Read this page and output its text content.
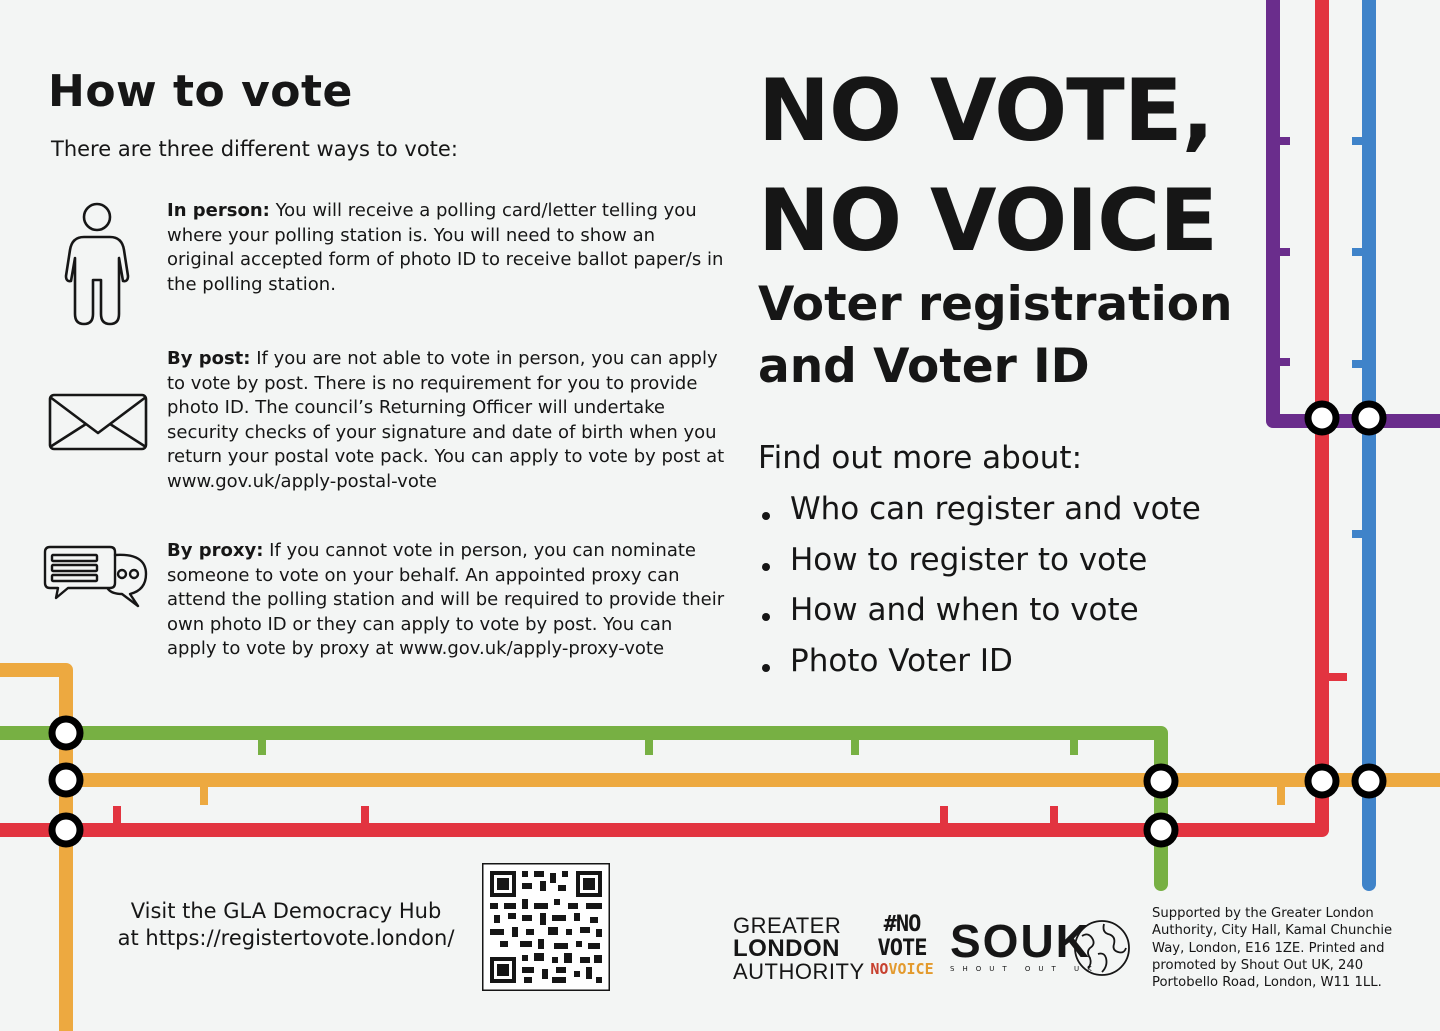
How to vote

There are three different ways to vote:

In person: You will receive a polling card/letter telling you where your polling station is. You will need to show an original accepted form of photo ID to receive ballot paper/s in the polling station.

By post: If you are not able to vote in person, you can apply to vote by post. There is no requirement for you to provide photo ID. The council’s Returning Officer will undertake security checks of your signature and date of birth when you return your postal vote pack. You can apply to vote by post at www.gov.uk/apply-postal-vote

By proxy: If you cannot vote in person, you can nominate someone to vote on your behalf. An appointed proxy can attend the polling station and will be required to provide their own photo ID or they can apply to vote by post. You can apply to vote by proxy at www.gov.uk/apply-proxy-vote

NO VOTE,
NO VOICE
Voter registration
and Voter ID

Find out more about:

Who can register and vote
How to register to vote
How and when to vote
Photo Voter ID
Visit the GLA Democracy Hub
at https://registertovote.london/	GREATER
LONDON
AUTHORITY
#NO
VOTE
NOVOICE
SOUK
SHOUT OUT UK

Supported by the Greater London Authority, City Hall, Kamal Chunchie Way, London, E16 1ZE. Printed and promoted by Shout Out UK, 240 Portobello Road, London, W11 1LL.
